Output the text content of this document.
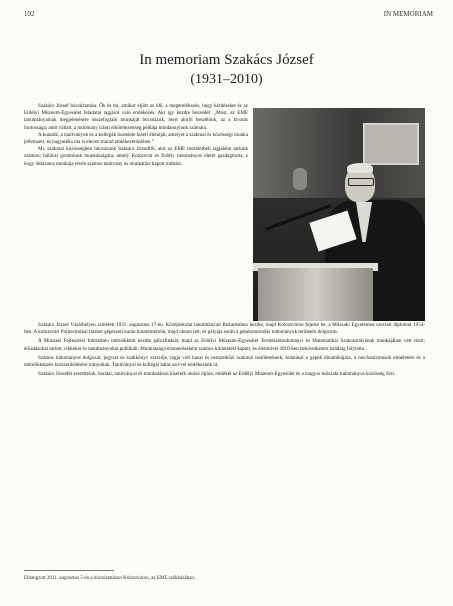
192	IN MEMORIAM
In memoriam Szakács József
(1931–2010)

Szakács József búcsúztatása. Ők és mi, amikor eljött az idő, a megemlékezés, hogy kérdéseket és az Erdélyi Múzeum-Egyesület feladatai tagjáról való emlékezés. Aki így kezdte beszédét: „Most, az EME tanulmányainak megjelenésére összefoglaló munkáját búcsúzzuk, mert akiről beszélünk, az a hivatás fontossága, amit vállalt, a tudomány iránti elkötelezettség példája mindannyiunk számára.

A kutatók, a tanítványok és a kollégák tisztelete kíséri életútját, amelyet a szakmai és közösségi munka jellemzett, és hagyatéka ma is eleven marad emlékezetünkben.”

Mi, szakmai közösségben búcsúzunk Szakács Józseftől, akit az EME tiszteletbeli tagjaként tartunk számon; hálával gondolunk munkásságára, amely Kolozsvár és Erdély tudományos életét gazdagította, s hogy áldozatos munkája révén számos tanítvány és munkatárs kapott indítást.

Szakács József Vásárhelyen született 1931. augusztus 17-én. Középiskolai tanulmányait Bukarestben kezdte, majd Kolozsváron fejezte be, a Műszaki Egyetemen szerzett diplomát 1954-ben. A kolozsvári Politechnikai Intézet gépészeti karán kutatómérnök, majd oktató lett, és pályája során a gépészmérnöki tudományok területén dolgozott.

A Műszaki Fejlesztési Intézetben mérnökként kezdte pályafutását, majd az Erdélyi Múzeum-Egyesület Természettudományi és Matematikai Szakosztályának munkájában vett részt; előadásokat tartott, cikkeket és tanulmányokat publikált. Munkássága elismeréseként számos kitüntetést kapott, és életművét 2010-ben bekövetkezett haláláig folytatta.

Számos tudományos dolgozat, jegyzet és szakkönyv szerzője, tagja volt hazai és nemzetközi szakmai testületeknek; kutatásai a gépek dinamikájára, a mechanizmusok elméletére és a mérnökképzés korszerűsítésére irányultak. Tanítványai és kollégái hálás szívvel emlékeznek rá.

Szakács Józsefet szeretteink, barátai, tanítványai és munkatársai kísérték utolsó útjára; emlékét az Erdélyi Múzeum-Egyesület és a magyar műszaki tudományos közösség őrzi.

Elhangzott 2011. augusztus 5-én a búcsúztatáson Kolozsváron, az EME székházában.
